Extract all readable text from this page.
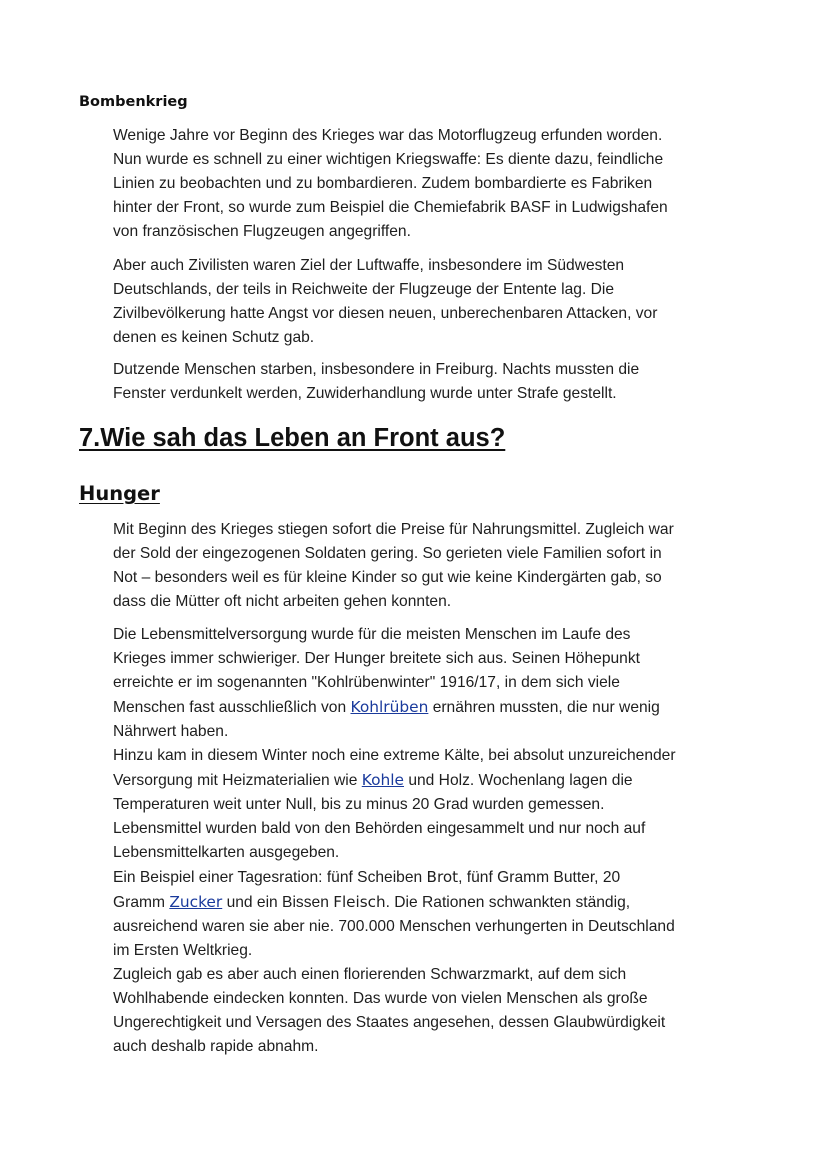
Bombenkrieg

Wenige Jahre vor Beginn des Krieges war das Motorflugzeug erfunden worden.
Nun wurde es schnell zu einer wichtigen Kriegswaffe: Es diente dazu, feindliche
Linien zu beobachten und zu bombardieren. Zudem bombardierte es Fabriken
hinter der Front, so wurde zum Beispiel die Chemiefabrik BASF in Ludwigshafen
von französischen Flugzeugen angegriffen.

Aber auch Zivilisten waren Ziel der Luftwaffe, insbesondere im Südwesten
Deutschlands, der teils in Reichweite der Flugzeuge der Entente lag. Die
Zivilbevölkerung hatte Angst vor diesen neuen, unberechenbaren Attacken, vor
denen es keinen Schutz gab.

Dutzende Menschen starben, insbesondere in Freiburg. Nachts mussten die
Fenster verdunkelt werden, Zuwiderhandlung wurde unter Strafe gestellt.

7.Wie sah das Leben an Front aus?
Hunger

Mit Beginn des Krieges stiegen sofort die Preise für Nahrungsmittel. Zugleich war
der Sold der eingezogenen Soldaten gering. So gerieten viele Familien sofort in
Not – besonders weil es für kleine Kinder so gut wie keine Kindergärten gab, so
dass die Mütter oft nicht arbeiten gehen konnten.

Die Lebensmittelversorgung wurde für die meisten Menschen im Laufe des
Krieges immer schwieriger. Der Hunger breitete sich aus. Seinen Höhepunkt
erreichte er im sogenannten "Kohlrübenwinter" 1916/17, in dem sich viele
Menschen fast ausschließlich von Kohlrüben ernähren mussten, die nur wenig
Nährwert haben.
Hinzu kam in diesem Winter noch eine extreme Kälte, bei absolut unzureichender
Versorgung mit Heizmaterialien wie Kohle und Holz. Wochenlang lagen die
Temperaturen weit unter Null, bis zu minus 20 Grad wurden gemessen.
Lebensmittel wurden bald von den Behörden eingesammelt und nur noch auf
Lebensmittelkarten ausgegeben.
Ein Beispiel einer Tagesration: fünf Scheiben Brot, fünf Gramm Butter, 20
Gramm Zucker und ein Bissen Fleisch. Die Rationen schwankten ständig,
ausreichend waren sie aber nie. 700.000 Menschen verhungerten in Deutschland
im Ersten Weltkrieg.
Zugleich gab es aber auch einen florierenden Schwarzmarkt, auf dem sich
Wohlhabende eindecken konnten. Das wurde von vielen Menschen als große
Ungerechtigkeit und Versagen des Staates angesehen, dessen Glaubwürdigkeit
auch deshalb rapide abnahm.
